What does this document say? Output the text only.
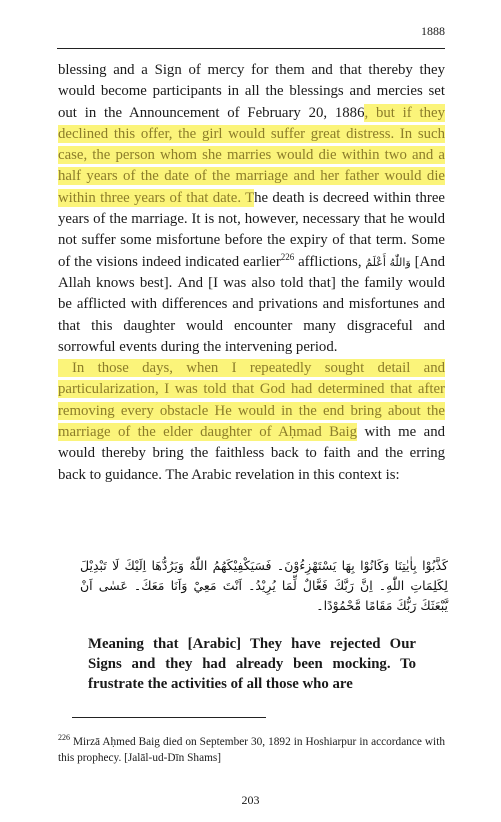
1888

blessing and a Sign of mercy for them and that thereby they would become participants in all the blessings and mercies set out in the Announcement of February 20, 1886, but if they declined this offer, the girl would suffer great distress. In such case, the person whom she marries would die within two and a half years of the date of the marriage and her father would die within three years of that date. The death is decreed within three years of the marriage. It is not, however, necessary that he would not suffer some misfortune before the expiry of that term. Some of the visions indeed indicated earlier$^{226}$ afflictions, وَاللّٰهُ أَعْلَمُ [And Allah knows best]. And [I was also told that] the family would be afflicted with differences and privations and misfortunes and that this daughter would encounter many disgraceful and sorrowful events during the intervening period.

In those days, when I repeatedly sought detail and particularization, I was told that God had determined that after removing every obstacle He would in the end bring about the marriage of the elder daughter of Aḥmad Baig with me and would thereby bring the faithless back to faith and the erring back to guidance. The Arabic revelation in this context is:

كَذَّبُوْا بِاٰيٰتِنَا وَكَانُوْا بِهَا يَسْتَهْزِءُوْنَ۔ فَسَيَكْفِيْكَهُمُ اللّٰهُ وَيَرُدُّهَا اِلَيْكَ لَا تَبْدِيْلَ لِكَلِمَاتِ اللّٰهِ۔ اِنَّ رَبَّكَ فَعَّالٌ لِّمَا يُرِيْدُ۔ اَنْتَ مَعِيْ وَاَنَا مَعَكَ۔ عَسٰى اَنْ يَّبْعَثَكَ رَبُّكَ مَقَامًا مَّحْمُوْدًا۔
Meaning that [Arabic] They have rejected Our Signs and they had already been mocking. To frustrate the activities of all those who are
$^{226}$ Mirzā Aḥmed Baig died on September 30, 1892 in Hoshiarpur in accordance with this prophecy. [Jalāl-ud-Dīn Shams]
203
